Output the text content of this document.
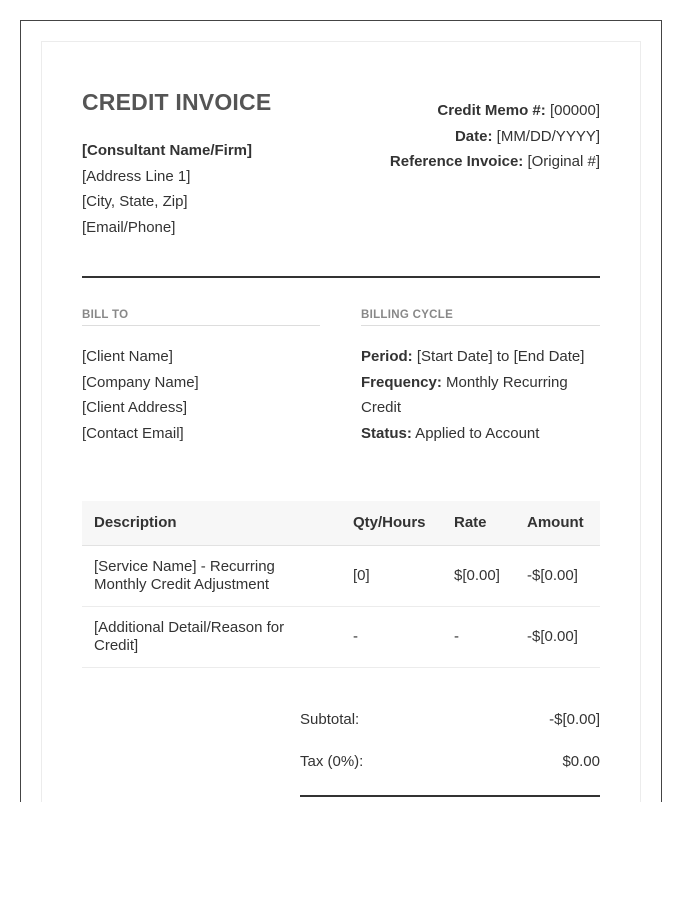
CREDIT INVOICE
[Consultant Name/Firm]
[Address Line 1]
[City, State, Zip]
[Email/Phone]
Credit Memo #: [00000]
Date: [MM/DD/YYYY]
Reference Invoice: [Original #]
BILL TO	BILLING CYCLE
[Client Name]
[Company Name]
[Client Address]
[Contact Email]
Period: [Start Date] to [End Date]
Frequency: Monthly Recurring Credit
Status: Applied to Account
Description	Qty/Hours	Rate	Amount
[Service Name] - Recurring Monthly Credit Adjustment	[0]	$[0.00]	-$[0.00]
[Additional Detail/Reason for Credit]	-	-	-$[0.00]
Subtotal:	-$[0.00]
Tax (0%):	$0.00
